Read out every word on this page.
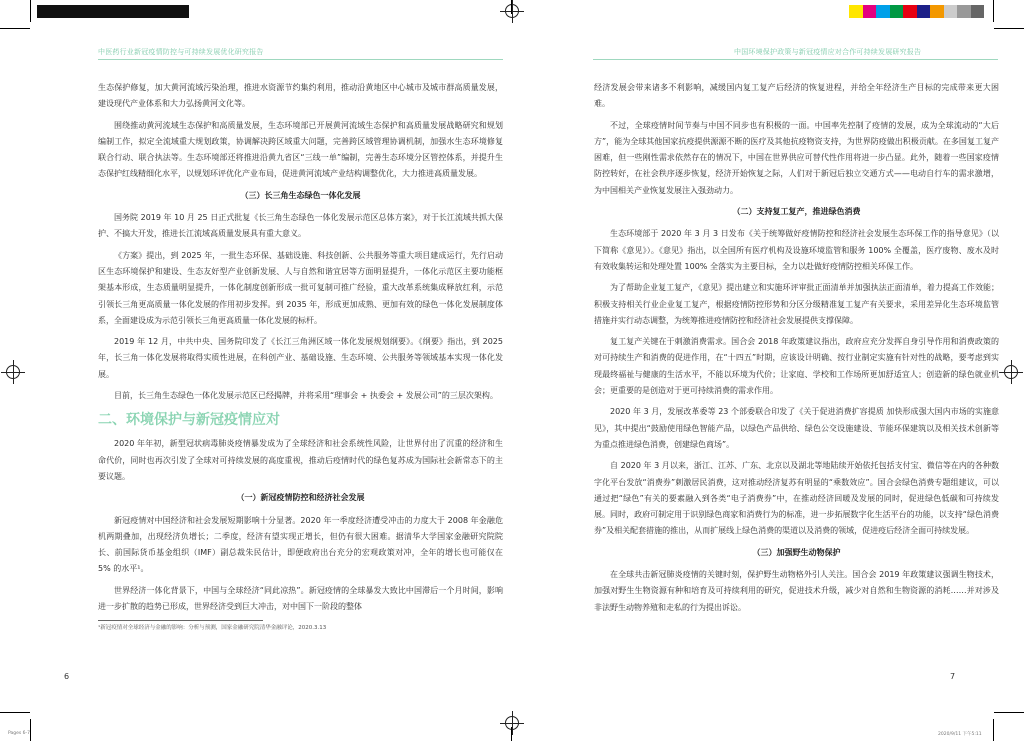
中医药行业新冠疫情防控与可持续发展优化研究报告

生态保护修复，加大黄河流域污染治理，推进水资源节约集约利用，推动沿黄地区中心城市及城市群高质量发展，建设现代产业体系和大力弘扬黄河文化等。

围绕推动黄河流域生态保护和高质量发展，生态环境部已开展黄河流域生态保护和高质量发展战略研究和规划编制工作，拟定全流域重大规划政策，协调解决跨区域重大问题，完善跨区域管理协调机制，加强水生态环境修复联合行动、联合执法等。生态环境部还将推进沿黄九省区“三线一单”编制，完善生态环境分区管控体系，并提升生态保护红线精细化水平，以规划环评优化产业布局，促进黄河流域产业结构调整优化，大力推进高质量发展。

（三）长三角生态绿色一体化发展

国务院 2019 年 10 月 25 日正式批复《长三角生态绿色一体化发展示范区总体方案》，对于长江流域共抓大保护、不搞大开发，推进长江流域高质量发展具有重大意义。

《方案》提出，到 2025 年，一批生态环保、基础设施、科技创新、公共服务等重大项目建成运行，先行启动区生态环境保护和建设、生态友好型产业创新发展、人与自然和谐宜居等方面明显提升，一体化示范区主要功能框架基本形成，生态质量明显提升，一体化制度创新形成一批可复制可推广经验，重大改革系统集成释放红利，示范引领长三角更高质量一体化发展的作用初步发挥。到 2035 年，形成更加成熟、更加有效的绿色一体化发展制度体系，全面建设成为示范引领长三角更高质量一体化发展的标杆。

2019 年 12 月，中共中央、国务院印发了《长江三角洲区域一体化发展规划纲要》。《纲要》指出，到 2025 年，长三角一体化发展将取得实质性进展，在科创产业、基础设施、生态环境、公共服务等领域基本实现一体化发展。

目前，长三角生态绿色一体化发展示范区已经揭牌，并将采用“理事会 + 执委会 + 发展公司”的三层次架构。

二、环境保护与新冠疫情应对

2020 年年初，新型冠状病毒肺炎疫情暴发成为了全球经济和社会系统性风险，让世界付出了沉重的经济和生命代价，同时也再次引发了全球对可持续发展的高度重视，推动后疫情时代的绿色复苏成为国际社会新常态下的主要议题。

（一）新冠疫情防控和经济社会发展

新冠疫情对中国经济和社会发展短期影响十分显著。2020 年一季度经济遭受冲击的力度大于 2008 年金融危机两期叠加，出现经济负增长；二季度，经济有望实现正增长，但仍有很大困难。据清华大学国家金融研究院院长、前国际货币基金组织（IMF）副总裁朱民估计，即便政府出台充分的宏观政策对冲，全年的增长也可能仅在 5% 的水平¹。

世界经济一体化背景下，中国与全球经济“同此凉热”。新冠疫情的全球暴发大致比中国滞后一个月时间，影响进一步扩散的趋势已形成，世界经济受到巨大冲击，对中国下一阶段的整体

¹新冠疫情对全球经济与金融的影响：分析与预测，国家金融研究院清华金融评论，2020.3.13
6
中国环境保护政策与新冠疫情应对合作可持续发展研究报告

经济发展会带来诸多不利影响，减缓国内复工复产后经济的恢复进程，并给全年经济生产目标的完成带来更大困难。

不过，全球疫情时间节奏与中国不同步也有积极的一面。中国率先控制了疫情的发展，成为全球流动的“大后方”，能为全球其他国家抗疫提供源源不断的医疗及其他抗疫物资支持，为世界防疫做出积极贡献。在多国复工复产困难，但一些刚性需求依然存在的情况下，中国在世界供应可替代性作用将进一步凸显。此外，随着一些国家疫情防控转好，在社会秩序逐步恢复，经济开始恢复之际，人们对于新冠后独立交通方式——电动自行车的需求激增，为中国相关产业恢复发展注入强劲动力。

（二）支持复工复产，推进绿色消费

生态环境部于 2020 年 3 月 3 日发布《关于统筹做好疫情防控和经济社会发展生态环保工作的指导意见》（以下简称《意见》）。《意见》指出，以全国所有医疗机构及设施环境监管和服务 100% 全覆盖，医疗废物、废水及时有效收集转运和处理处置 100% 全落实为主要目标，全力以赴做好疫情防控相关环保工作。

为了帮助企业复工复产，《意见》提出建立和实施环评审批正面清单并加强执法正面清单，着力提高工作效能；积极支持相关行业企业复工复产，根据疫情防控形势和分区分级精准复工复产有关要求，采用差异化生态环境监管措施并实行动态调整，为统筹推进疫情防控和经济社会发展提供支撑保障。

复工复产关键在于刺激消费需求。国合会 2018 年政策建议指出，政府应充分发挥自身引导作用和消费政策的对可持续生产和消费的促进作用，在“十四五”时期，应该设计明确、按行业制定实施有针对性的战略，要考虑到实现最终福祉与健康的生活水平，不能以环境为代价；让家庭、学校和工作场所更加舒适宜人；创造新的绿色就业机会；更重要的是创造对于更可持续消费的需求作用。

2020 年 3 月，发展改革委等 23 个部委联合印发了《关于促进消费扩容提质 加快形成强大国内市场的实施意见》，其中提出“鼓励使用绿色智能产品，以绿色产品供给、绿色公交设施建设、节能环保建筑以及相关技术创新等为重点推进绿色消费，创建绿色商场”。

自 2020 年 3 月以来，浙江、江苏、广东、北京以及湖北等地陆续开始依托包括支付宝、微信等在内的各种数字化平台发放“消费券”刺激居民消费，这对推动经济复苏有明显的“乘数效应”。国合会绿色消费专题组建议，可以通过把“绿色”有关的要素融入到各类“电子消费券”中，在推动经济回暖及发展的同时，促进绿色低碳和可持续发展。同时，政府可制定用于识别绿色商家和消费行为的标准，进一步拓展数字化生活平台的功能，以支持“绿色消费券”及相关配套措施的推出，从而扩展线上绿色消费的渠道以及消费的领域，促进疫后经济全面可持续发展。

（三）加强野生动物保护

在全球共击新冠肺炎疫情的关键时刻，保护野生动物格外引人关注。国合会 2019 年政策建议强调生物技术，加强对野生生物资源有种和培育及可持续利用的研究，促进技术升级，减少对自然和生物资源的消耗……并对涉及非法野生动物养殖和走私的行为提出诉讼。

7
Pages 6-7	2020/9/11 下午5:11
